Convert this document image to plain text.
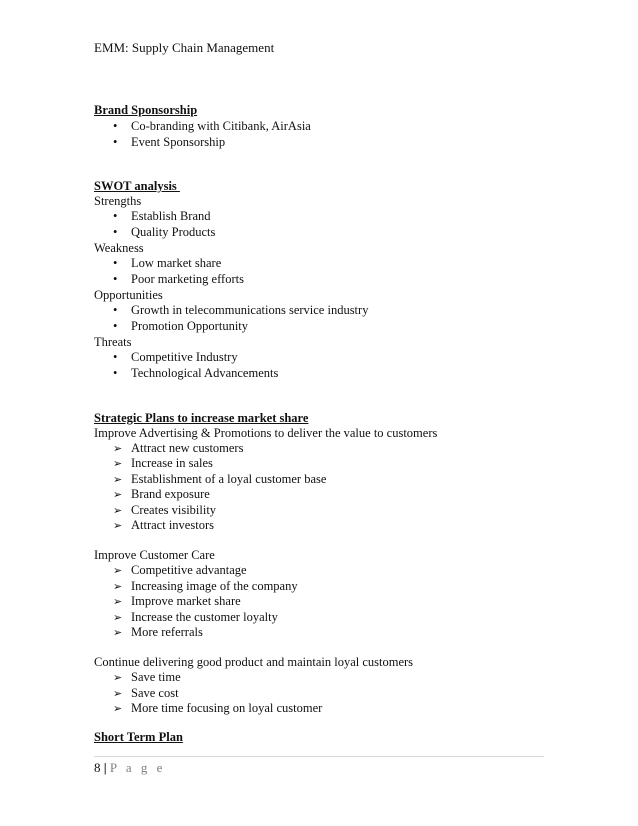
EMM: Supply Chain Management
Brand Sponsorship
• Co-branding with Citibank, AirAsia
• Event Sponsorship
SWOT analysis
Strengths
• Establish Brand
• Quality Products
Weakness
• Low market share
• Poor marketing efforts
Opportunities
• Growth in telecommunications service industry
• Promotion Opportunity
Threats
• Competitive Industry
• Technological Advancements
Strategic Plans to increase market share
Improve Advertising & Promotions to deliver the value to customers
➢ Attract new customers
➢ Increase in sales
➢ Establishment of a loyal customer base
➢ Brand exposure
➢ Creates visibility
➢ Attract investors
Improve Customer Care
➢ Competitive advantage
➢ Increasing image of the company
➢ Improve market share
➢ Increase the customer loyalty
➢ More referrals
Continue delivering good product and maintain loyal customers
➢ Save time
➢ Save cost
➢ More time focusing on loyal customer
Short Term Plan
8 | P a g e
